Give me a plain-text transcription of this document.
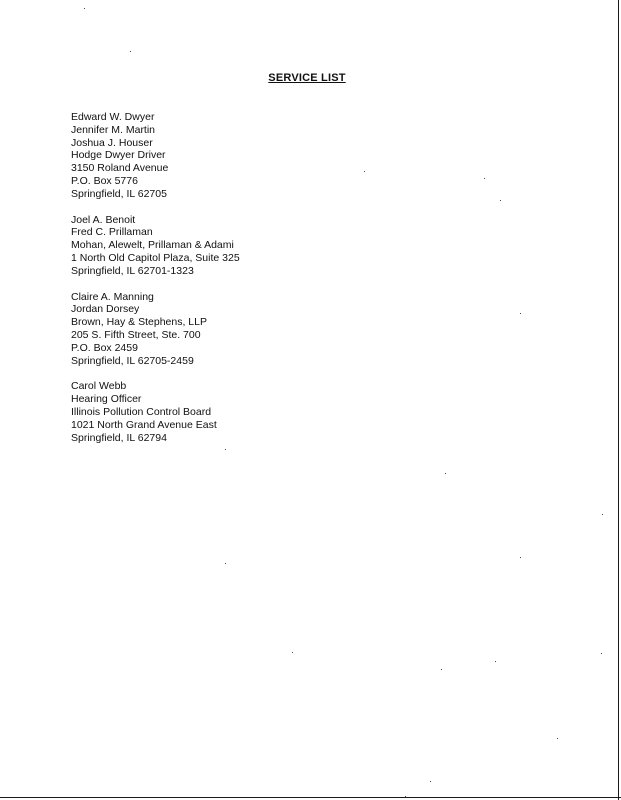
SERVICE LIST
Edward W. Dwyer
Jennifer M. Martin
Joshua J. Houser
Hodge Dwyer Driver
3150 Roland Avenue
P.O. Box 5776
Springfield, IL 62705
Joel A. Benoit
Fred C. Prillaman
Mohan, Alewelt, Prillaman & Adami
1 North Old Capitol Plaza, Suite 325
Springfield, IL 62701-1323
Claire A. Manning
Jordan Dorsey
Brown, Hay & Stephens, LLP
205 S. Fifth Street, Ste. 700
P.O. Box 2459
Springfield, IL 62705-2459
Carol Webb
Hearing Officer
Illinois Pollution Control Board
1021 North Grand Avenue East
Springfield, IL 62794
